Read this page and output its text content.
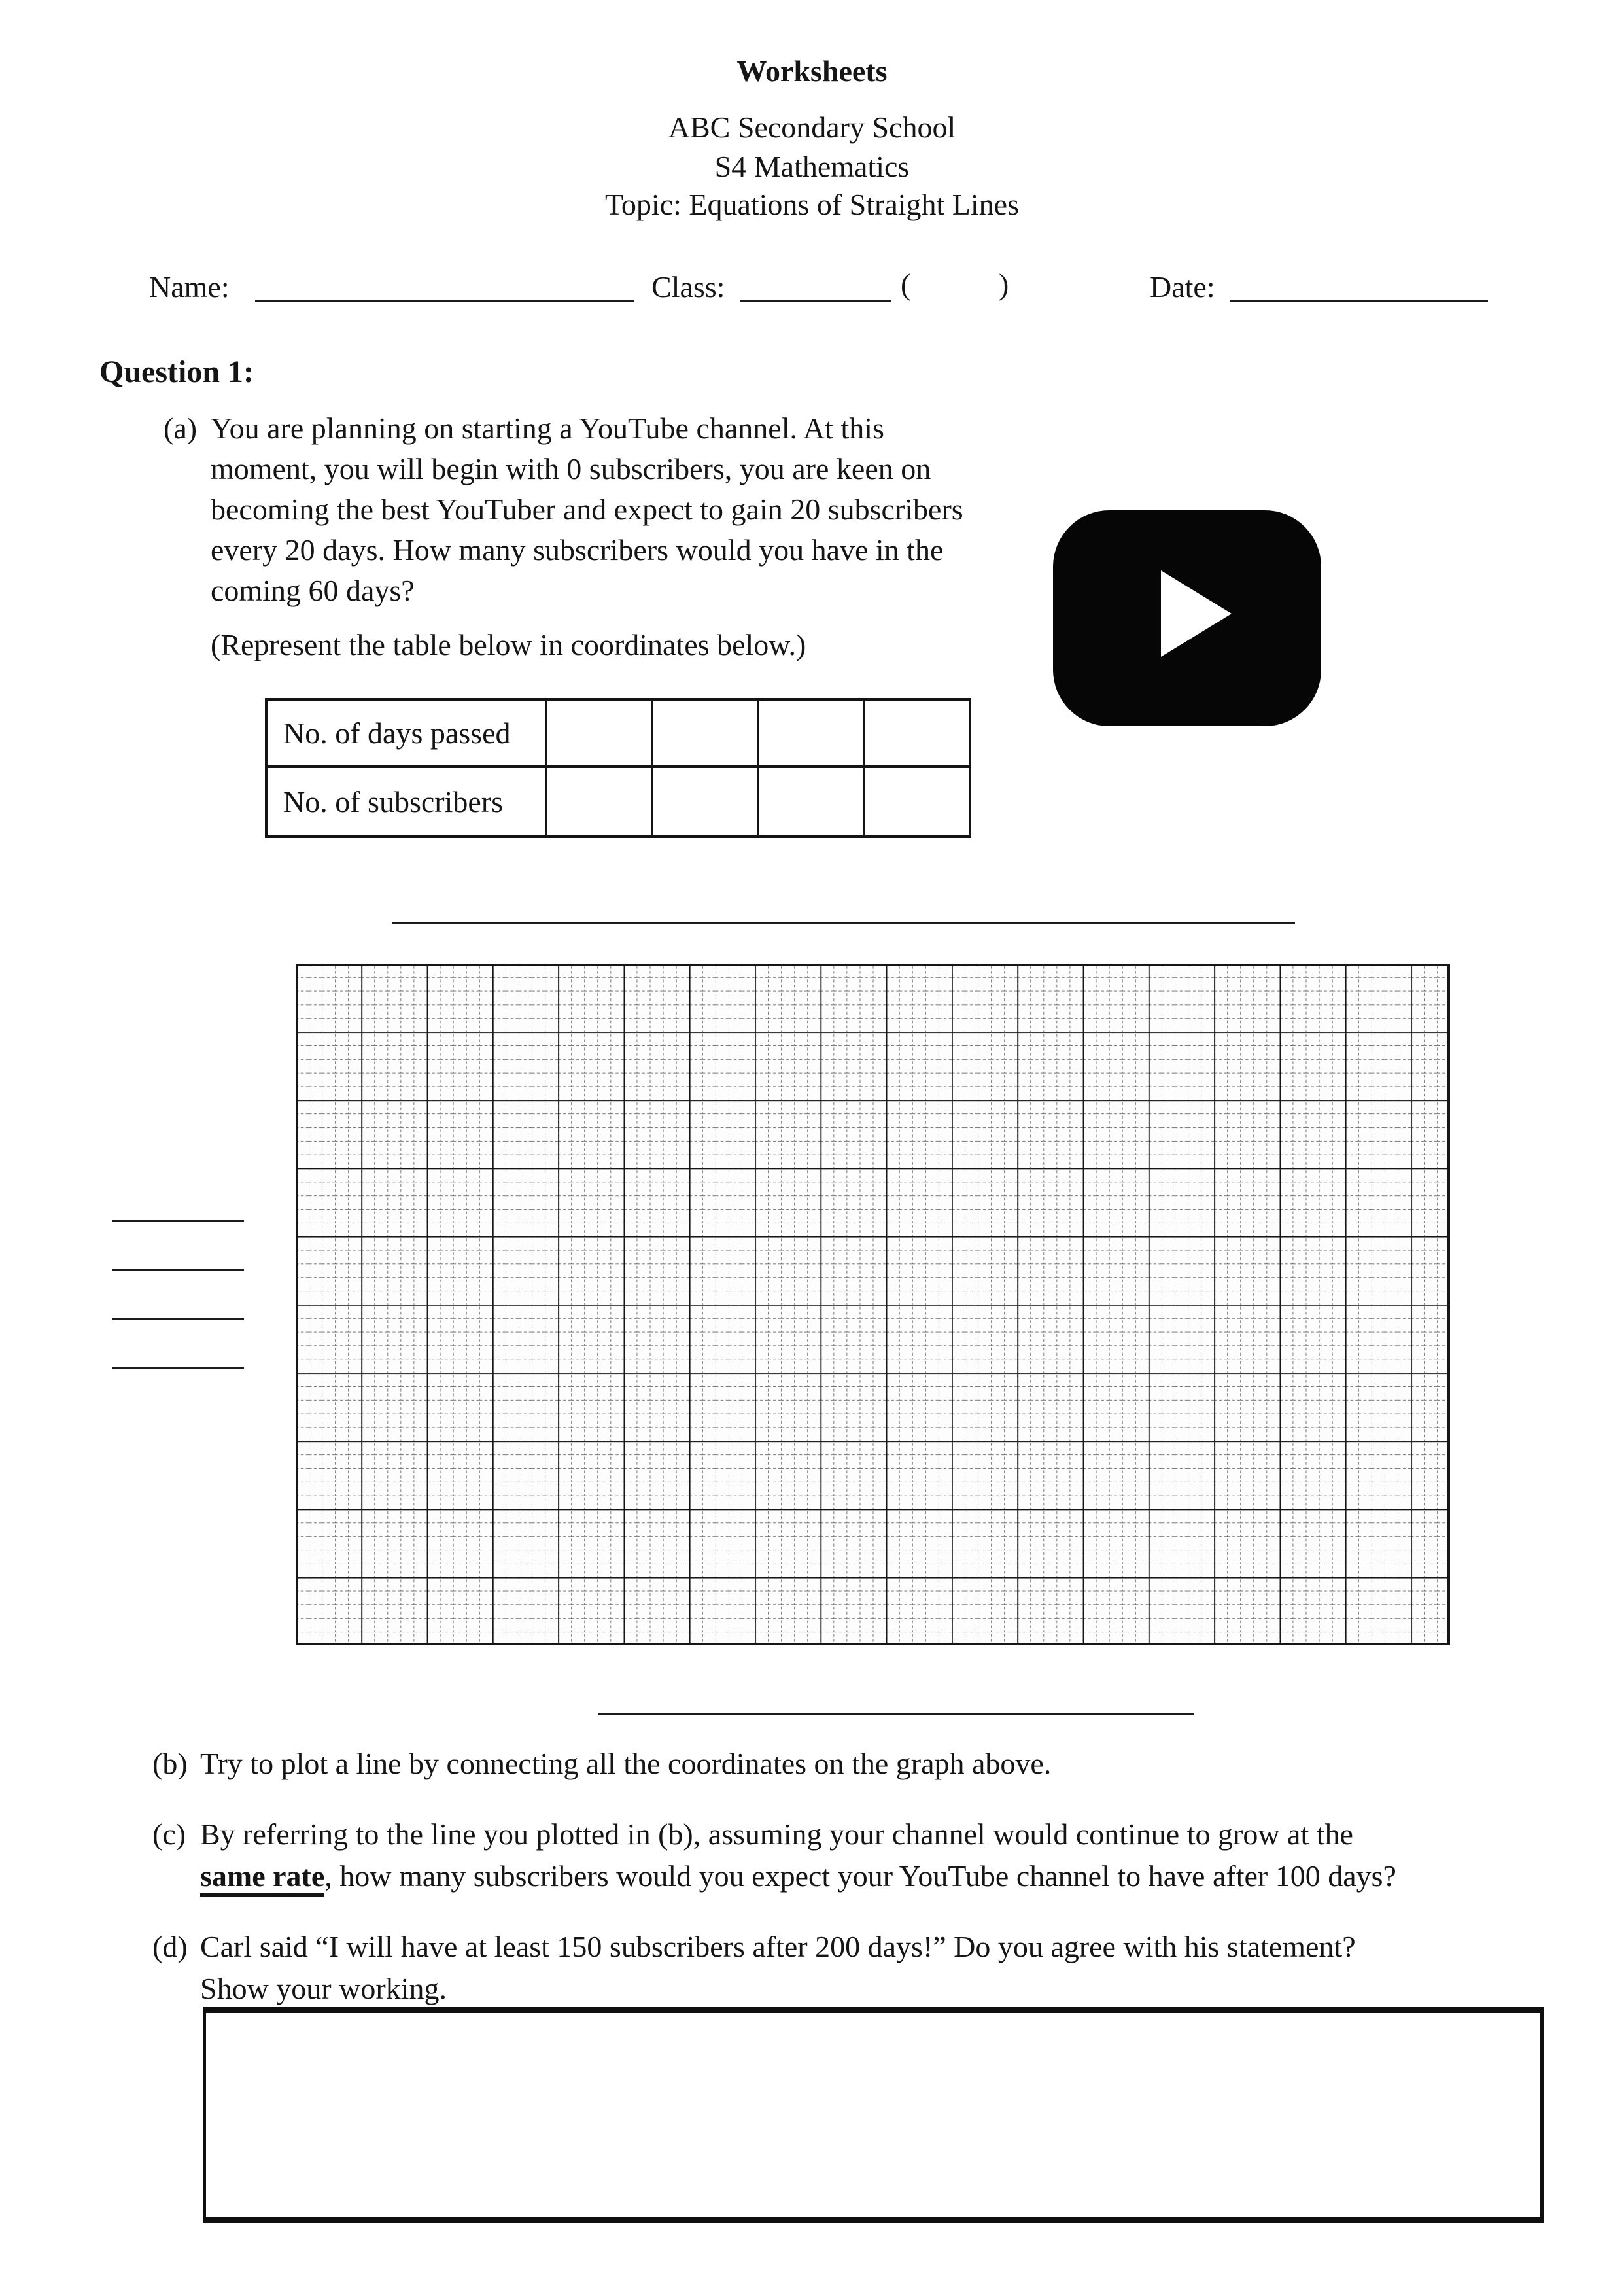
Worksheets
ABC Secondary School
S4 Mathematics
Topic: Equations of Straight Lines
Name:	Class:	(	)	Date:
Question 1:
(a) You are planning on starting a YouTube channel. At this
moment, you will begin with 0 subscribers, you are keen on
becoming the best YouTuber and expect to gain 20 subscribers
every 20 days. How many subscribers would you have in the
coming 60 days?
(Represent the table below in coordinates below.)
No. of days passed				
No. of subscribers				
(b) Try to plot a line by connecting all the coordinates on the graph above.
(c) By referring to the line you plotted in (b), assuming your channel would continue to grow at the
same rate, how many subscribers would you expect your YouTube channel to have after 100 days?
(d) Carl said “I will have at least 150 subscribers after 200 days!” Do you agree with his statement?
Show your working.
